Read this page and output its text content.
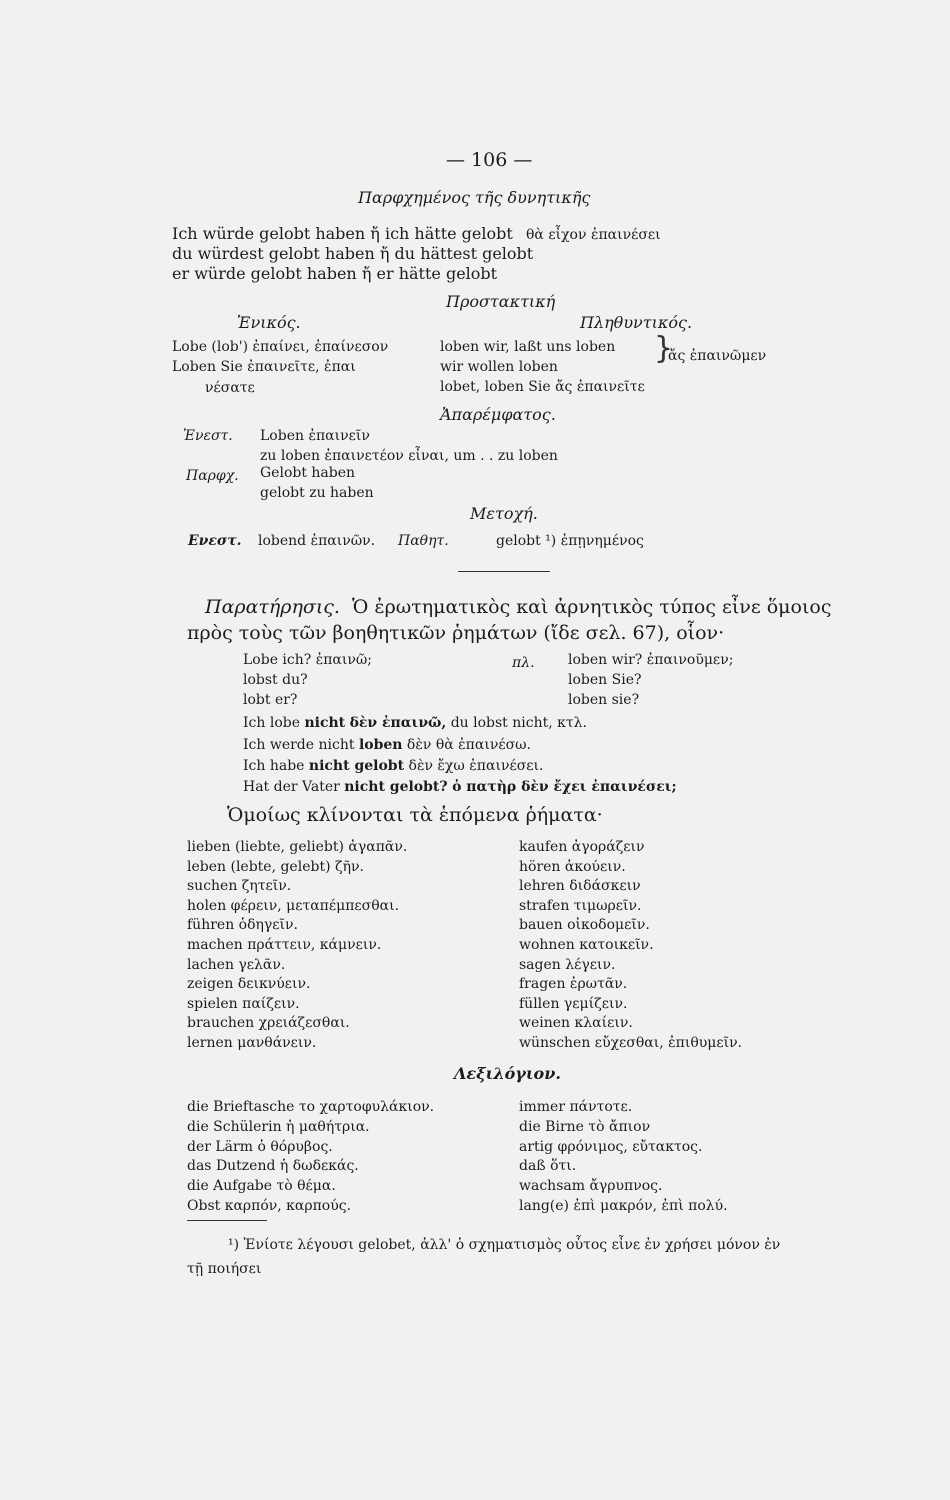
— 106 —
Παρφχημένος τῆς δυνητικῆς
Ich würde gelobt haben ἤ ich hätte gelobt θὰ εἶχον ἐπαινέσει
du würdest gelobt haben ἤ du hättest gelobt
er würde gelobt haben ἤ er hätte gelobt
Προστακτική
Ἑνικός.	Πληθυντικός.
Lobe (lob') ἐπαίνει, ἐπαίνεσον
Loben Sie ἐπαινεῖτε, ἐπαι
νέσατε
loben wir, laßt uns loben
wir wollen loben
}
ἄς ἐπαινῶμεν
lobet, loben Sie ἄς ἐπαινεῖτε
Ἀπαρέμφατος.
Ἐνεστ. Loben ἐπαινεῖν
zu loben ἐπαινετέον εἶναι, um . . zu loben
Παρφχ. Gelobt haben
gelobt zu haben
Μετοχή.
Ενεστ. lobend ἐπαινῶν. Παθητ.	gelobt ¹) ἐπῃνημένος
Παρατήρησις. Ὁ ἐρωτηματικὸς καὶ ἀρνητικὸς τύπος εἶνε ὅμοιος
πρὸς τοὺς τῶν βοηθητικῶν ῥημάτων (ἴδε σελ. 67), οἷον·
Lobe ich? ἐπαινῶ;
lobst du?
lobt er?
πλ. loben wir? ἐπαινοῦμεν;
loben Sie?
loben sie?
Ich lobe nicht δὲν ἐπαινῶ, du lobst nicht, κτλ.
Ich werde nicht loben δὲν θὰ ἐπαινέσω.
Ich habe nicht gelobt δὲν ἔχω ἐπαινέσει.
Hat der Vater nicht gelobt? ὁ πατὴρ δὲν ἔχει ἐπαινέσει;
Ὁμοίως κλίνονται τὰ ἑπόμενα ῥήματα·
lieben (liebte, geliebt) ἀγαπᾶν.
leben (lebte, gelebt) ζῆν.
suchen ζητεῖν.
holen φέρειν, μεταπέμπεσθαι.
führen ὁδηγεῖν.
machen πράττειν, κάμνειν.
lachen γελᾶν.
zeigen δεικνύειν.
spielen παίζειν.
brauchen χρειάζεσθαι.
lernen μανθάνειν.
kaufen ἀγοράζειν
hören ἀκούειν.
lehren διδάσκειν
strafen τιμωρεῖν.
bauen οἰκοδομεῖν.
wohnen κατοικεῖν.
sagen λέγειν.
fragen ἐρωτᾶν.
füllen γεμίζειν.
weinen κλαίειν.
wünschen εὔχεσθαι, ἐπιθυμεῖν.
Λεξιλόγιον.
die Brieftasche το χαρτοφυλάκιον.
die Schülerin ἡ μαθήτρια.
der Lärm ὁ θόρυβος.
das Dutzend ἡ δωδεκάς.
die Aufgabe τὸ θέμα.
Obst καρπόν, καρπούς.
immer πάντοτε.
die Birne τὸ ἄπιον
artig φρόνιμος, εὔτακτος.
daß ὅτι.
wachsam ἄγρυπνος.
lang(e) ἐπὶ μακρόν, ἐπὶ πολύ.
¹) Ἐνίοτε λέγουσι gelobet, ἀλλ' ὁ σχηματισμὸς οὗτος εἶνε ἐν χρήσει μόνον ἐν
τῇ ποιήσει
